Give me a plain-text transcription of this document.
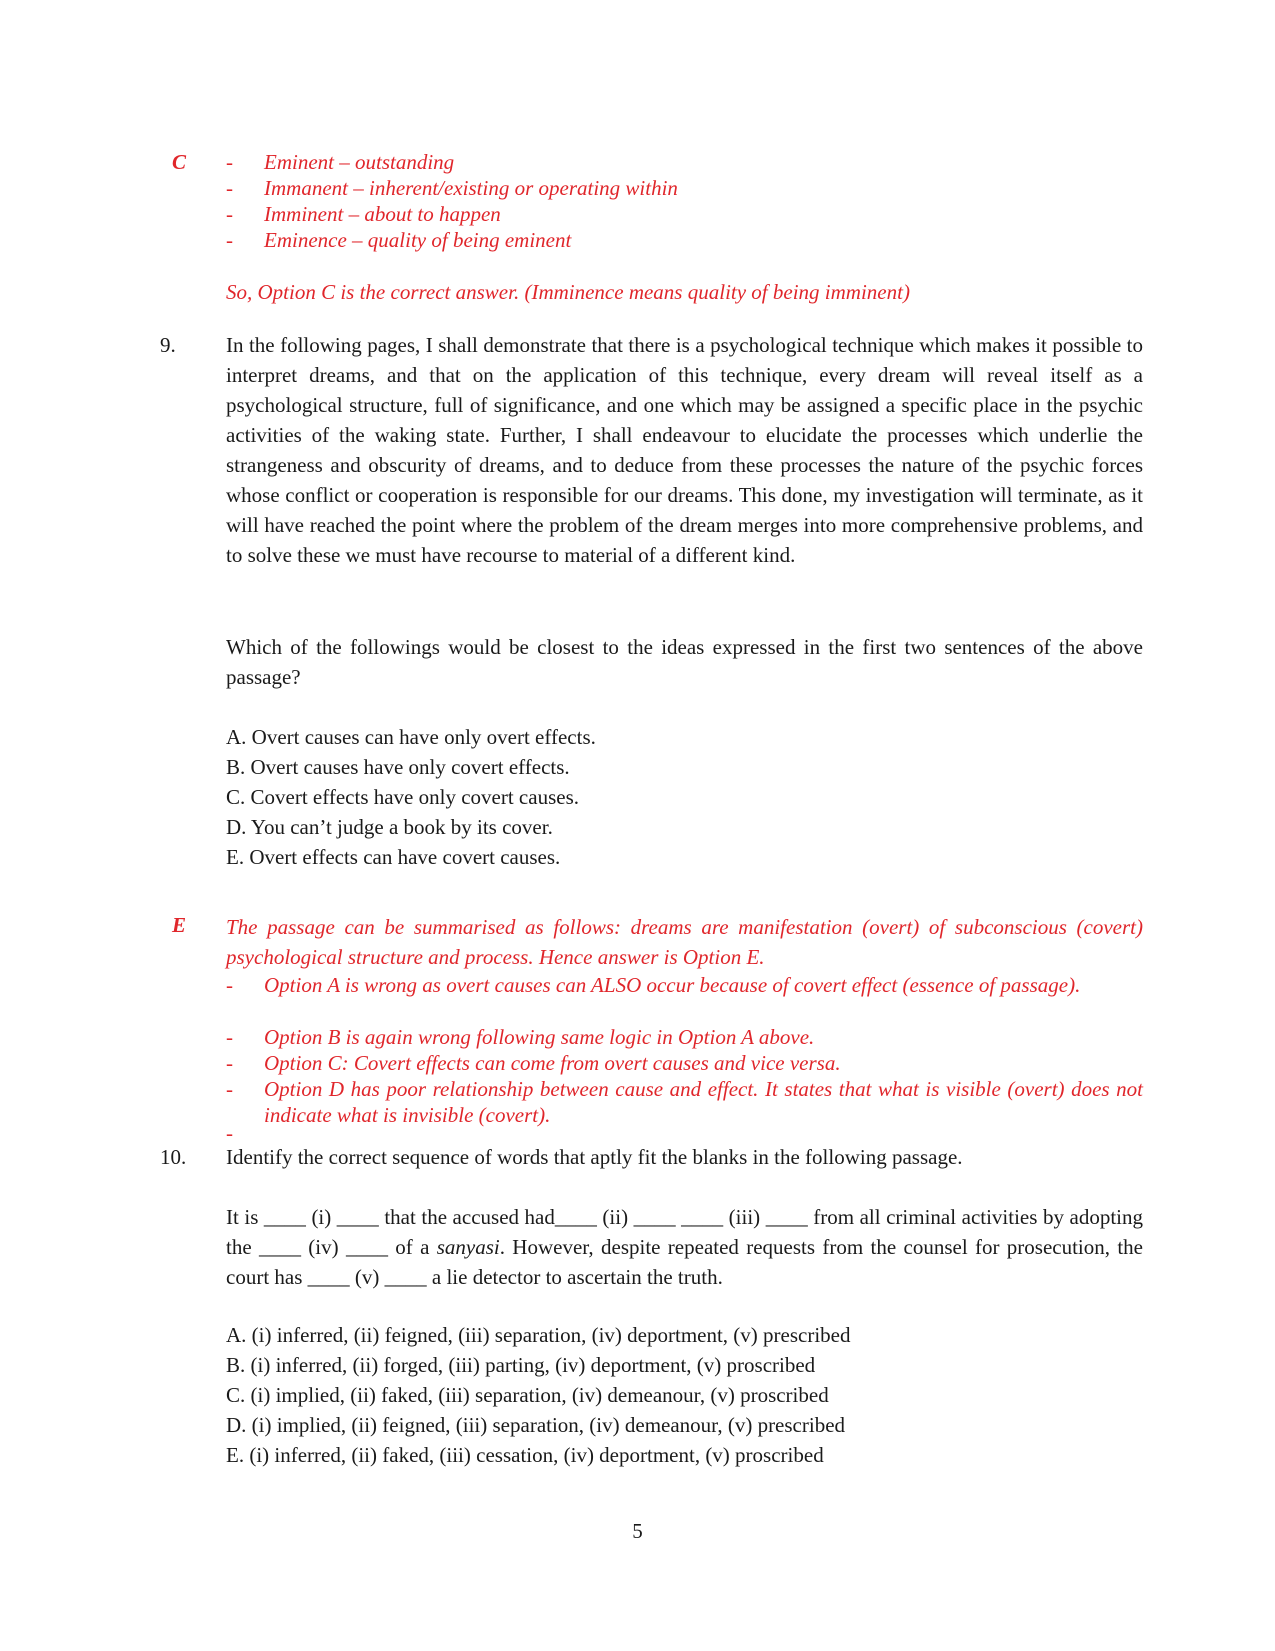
C - Eminent – outstanding
- Immanent – inherent/existing or operating within
- Imminent – about to happen
- Eminence – quality of being eminent
So, Option C is the correct answer. (Imminence means quality of being imminent)
9. In the following pages, I shall demonstrate that there is a psychological technique which makes it possible to interpret dreams, and that on the application of this technique, every dream will reveal itself as a psychological structure, full of significance, and one which may be assigned a specific place in the psychic activities of the waking state. Further, I shall endeavour to elucidate the processes which underlie the strangeness and obscurity of dreams, and to deduce from these processes the nature of the psychic forces whose conflict or cooperation is responsible for our dreams. This done, my investigation will terminate, as it will have reached the point where the problem of the dream merges into more comprehensive problems, and to solve these we must have recourse to material of a different kind.
Which of the followings would be closest to the ideas expressed in the first two sentences of the above passage?
A. Overt causes can have only overt effects.
B. Overt causes have only covert effects.
C. Covert effects have only covert causes.
D. You can’t judge a book by its cover.
E. Overt effects can have covert causes.
E The passage can be summarised as follows: dreams are manifestation (overt) of subconscious (covert) psychological structure and process. Hence answer is Option E.
- Option A is wrong as overt causes can ALSO occur because of covert effect (essence of passage).
- Option B is again wrong following same logic in Option A above.
- Option C: Covert effects can come from overt causes and vice versa.
- Option D has poor relationship between cause and effect. It states that what is visible (overt) does not indicate what is invisible (covert).
-
10. Identify the correct sequence of words that aptly fit the blanks in the following passage.
It is ____ (i) ____ that the accused had____ (ii) ____ ____ (iii) ____ from all criminal activities by adopting the ____ (iv) ____ of a sanyasi. However, despite repeated requests from the counsel for prosecution, the court has ____ (v) ____ a lie detector to ascertain the truth.
A. (i) inferred, (ii) feigned, (iii) separation, (iv) deportment, (v) prescribed
B. (i) inferred, (ii) forged, (iii) parting, (iv) deportment, (v) proscribed
C. (i) implied, (ii) faked, (iii) separation, (iv) demeanour, (v) proscribed
D. (i) implied, (ii) feigned, (iii) separation, (iv) demeanour, (v) prescribed
E. (i) inferred, (ii) faked, (iii) cessation, (iv) deportment, (v) proscribed
5
